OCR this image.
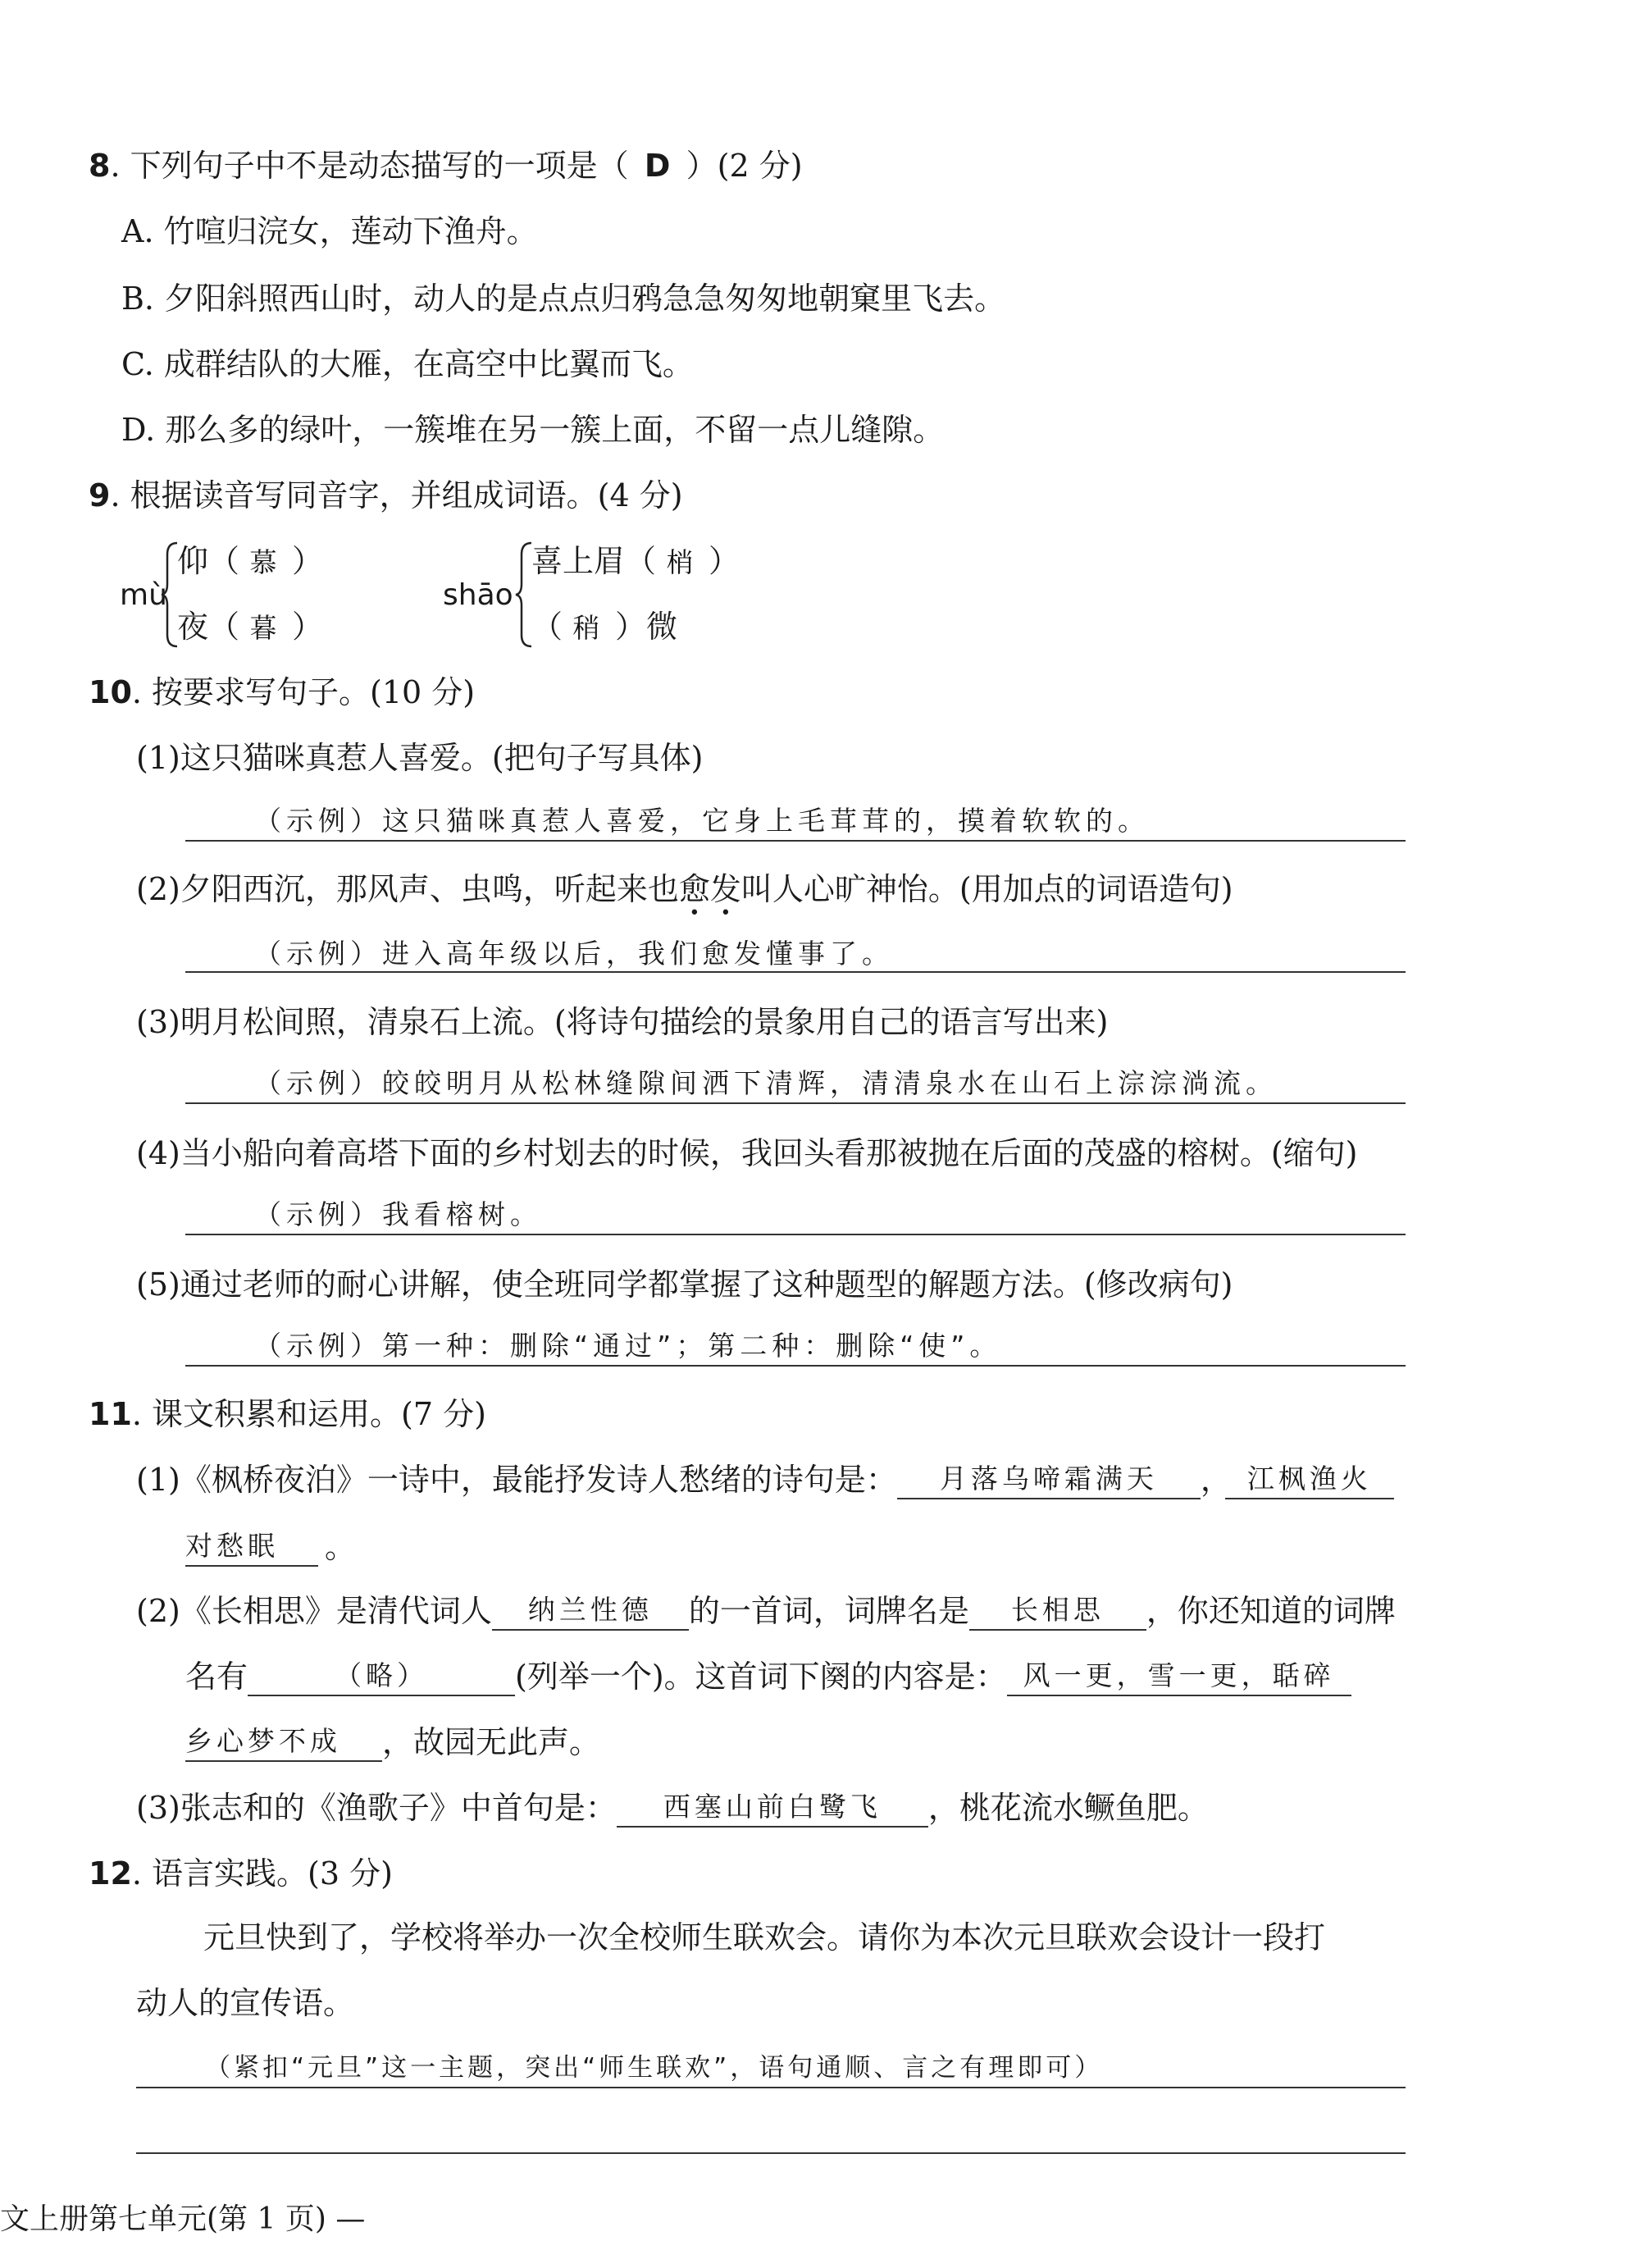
8. 下列句子中不是动态描写的一项是（ D ）(2 分)
A. 竹喧归浣女，莲动下渔舟。
B. 夕阳斜照西山时，动人的是点点归鸦急急匆匆地朝窠里飞去。
C. 成群结队的大雁，在高空中比翼而飞。
D. 那么多的绿叶，一簇堆在另一簇上面，不留一点儿缝隙。
9. 根据读音写同音字，并组成词语。(4 分)
mù
仰（ 慕 ）
夜（ 暮 ）
shāo
喜上眉（ 梢 ）
（ 稍 ）微
10. 按要求写句子。(10 分)
(1)这只猫咪真惹人喜爱。(把句子写具体)
（示例）这只猫咪真惹人喜爱，它身上毛茸茸的，摸着软软的。
(2)夕阳西沉，那风声、虫鸣，听起来也愈发叫人心旷神怡。(用加点的词语造句)
（示例）进入高年级以后，我们愈发懂事了。
(3)明月松间照，清泉石上流。(将诗句描绘的景象用自己的语言写出来)
（示例）皎皎明月从松林缝隙间洒下清辉，清清泉水在山石上淙淙淌流。
(4)当小船向着高塔下面的乡村划去的时候，我回头看那被抛在后面的茂盛的榕树。(缩句)
（示例）我看榕树。
(5)通过老师的耐心讲解，使全班同学都掌握了这种题型的解题方法。(修改病句)
（示例）第一种：删除“通过”；第二种：删除“使”。
11. 课文积累和运用。(7 分)
(1)《枫桥夜泊》一诗中，最能抒发诗人愁绪的诗句是： 月落乌啼霜满天 ， 江枫渔火
对愁眠 。
(2)《长相思》是清代词人 纳兰性德 的一首词，词牌名是 长相思 ，你还知道的词牌
名有	（略）	(列举一个)。这首词下阕的内容是： 风一更，雪一更，聒碎
乡心梦不成 ，故园无此声。
(3)张志和的《渔歌子》中首句是： 西塞山前白鹭飞 ，桃花流水鳜鱼肥。
12. 语言实践。(3 分)
元旦快到了，学校将举办一次全校师生联欢会。请你为本次元旦联欢会设计一段打
动人的宣传语。
（紧扣“元旦”这一主题，突出“师生联欢”，语句通顺、言之有理即可）
文上册第七单元(第 1 页) —
